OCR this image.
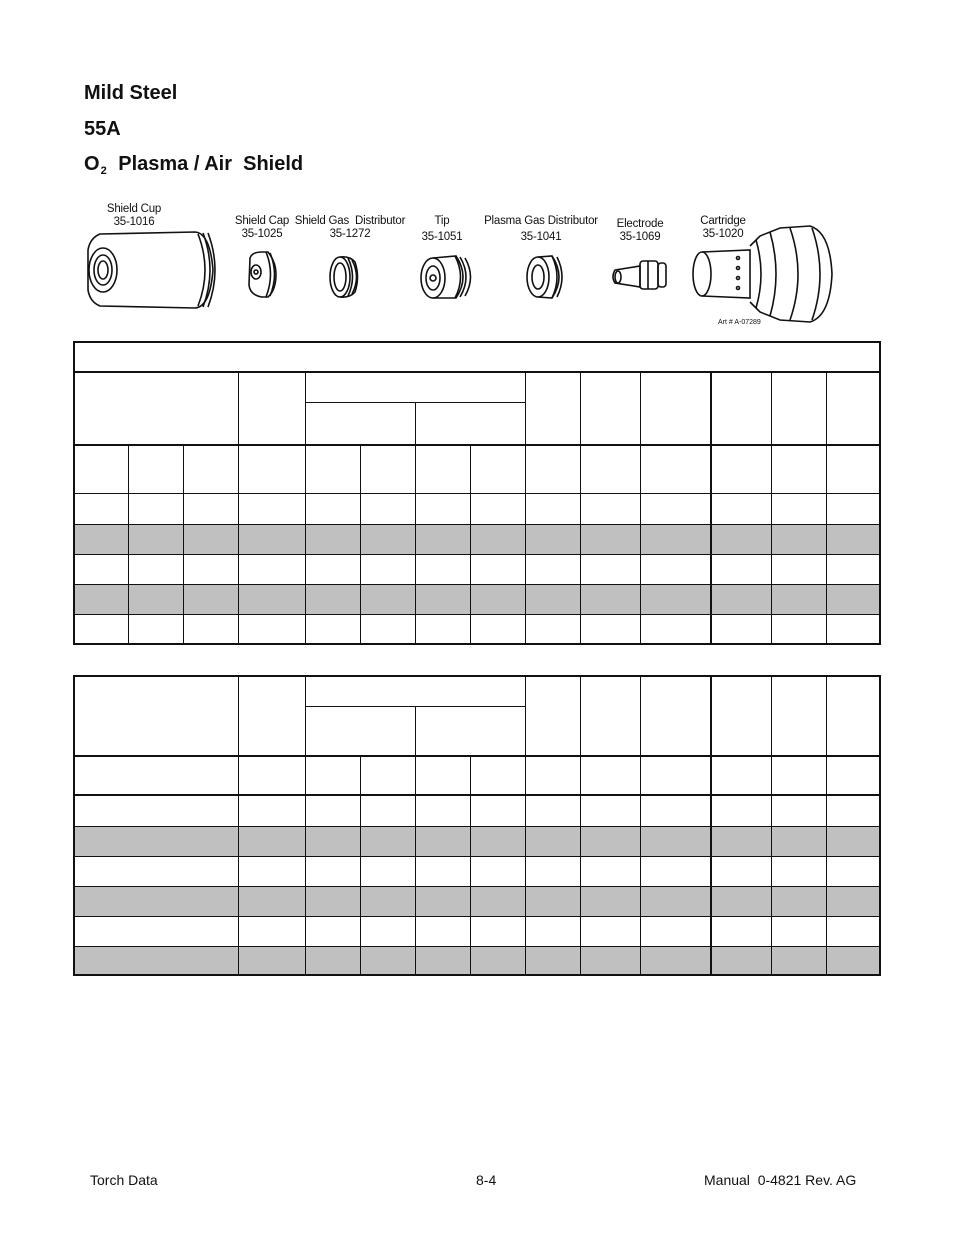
Mild Steel
55A
$O_2$ Plasma / Air  Shield
Shield Cup
35-1016	Shield Cap
35-1025
Shield Gas  Distributor
35-1272
Tip
35-1051
Plasma Gas Distributor
35-1041
Electrode
35-1069
Cartridge
35-1020
Art # A-07289

Torch Data	8-4	Manual  0-4821 Rev. AG
